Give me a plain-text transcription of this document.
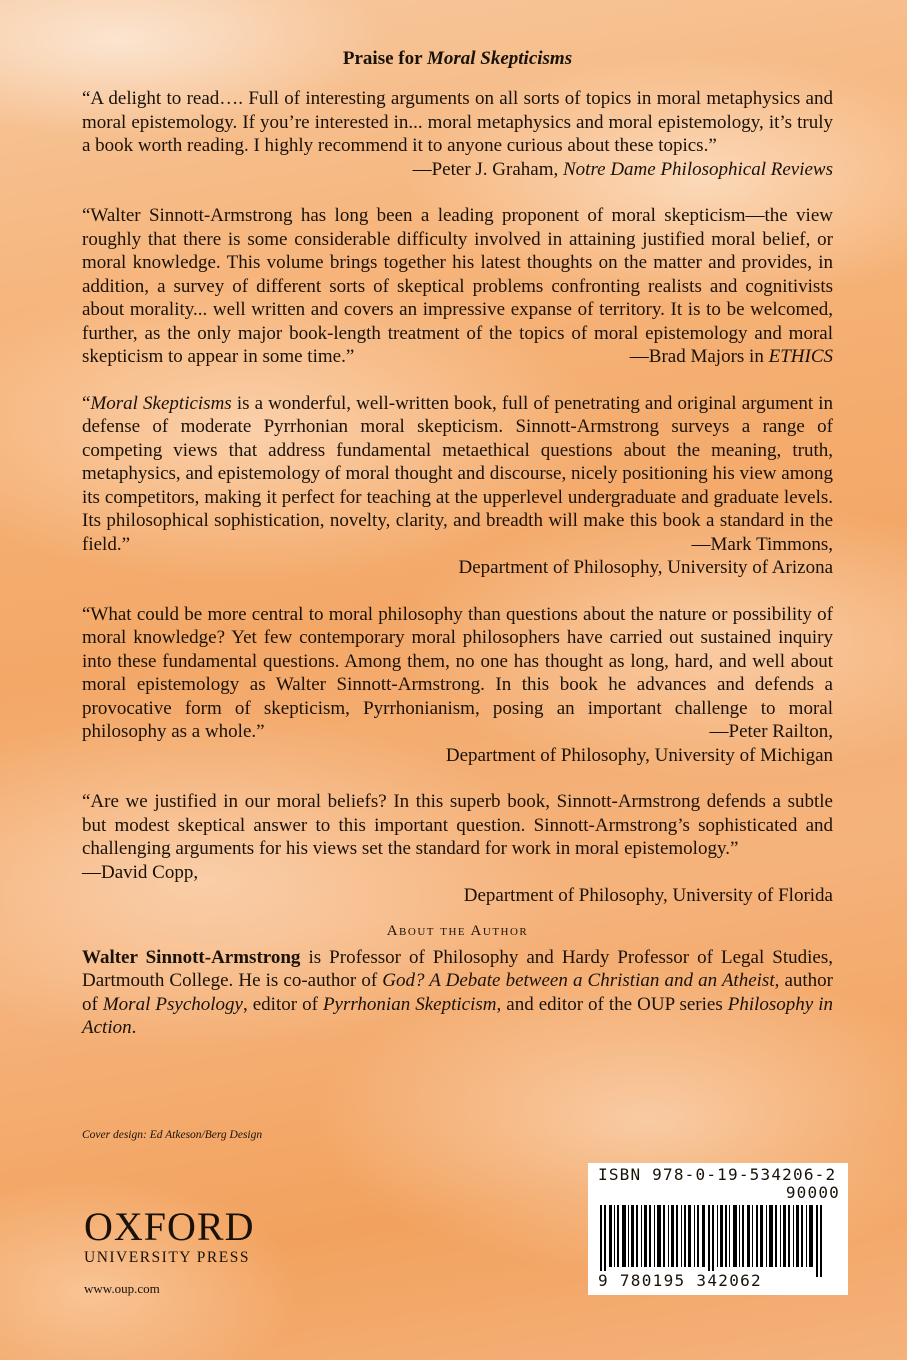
Praise for Moral Skepticisms
“A delight to read…. Full of interesting arguments on all sorts of topics in moral metaphysics and moral epistemology. If you’re interested in... moral metaphysics and moral epistemology, it’s truly a book worth reading. I highly recommend it to anyone curious about these topics.”
—Peter J. Graham, Notre Dame Philosophical Reviews
“Walter Sinnott-Armstrong has long been a leading proponent of moral skepticism—the view roughly that there is some considerable difficulty involved in attaining justified moral belief, or moral knowledge. This volume brings together his latest thoughts on the matter and provides, in addition, a survey of different sorts of skeptical problems confronting realists and cognitivists about morality... well written and covers an impressive expanse of territory. It is to be welcomed, further, as the only major book-length treatment of the topics of moral epistemology and moral skepticism to appear in some time.”	—Brad Majors in ETHICS
“Moral Skepticisms is a wonderful, well-written book, full of penetrating and original argument in defense of moderate Pyrrhonian moral skepticism. Sinnott-Armstrong surveys a range of competing views that address fundamental metaethical questions about the meaning, truth, metaphysics, and epistemology of moral thought and discourse, nicely positioning his view among its competitors, making it perfect for teaching at the upperlevel undergraduate and graduate levels. Its philosophical sophistication, novelty, clarity, and breadth will make this book a standard in the field.”	—Mark Timmons,
Department of Philosophy, University of Arizona
“What could be more central to moral philosophy than questions about the nature or possibility of moral knowledge? Yet few contemporary moral philosophers have carried out sustained inquiry into these fundamental questions. Among them, no one has thought as long, hard, and well about moral epistemology as Walter Sinnott-Armstrong. In this book he advances and defends a provocative form of skepticism, Pyrrhonianism, posing an important challenge to moral philosophy as a whole.”	—Peter Railton,
Department of Philosophy, University of Michigan
“Are we justified in our moral beliefs? In this superb book, Sinnott-Armstrong defends a subtle but modest skeptical answer to this important question. Sinnott-Armstrong’s sophisticated and challenging arguments for his views set the standard for work in moral epistemology.”
—David Copp,
Department of Philosophy, University of Florida
About the Author
Walter Sinnott-Armstrong is Professor of Philosophy and Hardy Professor of Legal Studies, Dartmouth College. He is co-author of God? A Debate between a Christian and an Atheist, author of Moral Psychology, editor of Pyrrhonian Skepticism, and editor of the OUP series Philosophy in Action.
Cover design: Ed Atkeson/Berg Design
OXFORD
UNIVERSITY PRESS
www.oup.com
ISBN 978-0-19-534206-2
90000
9 780195 342062
